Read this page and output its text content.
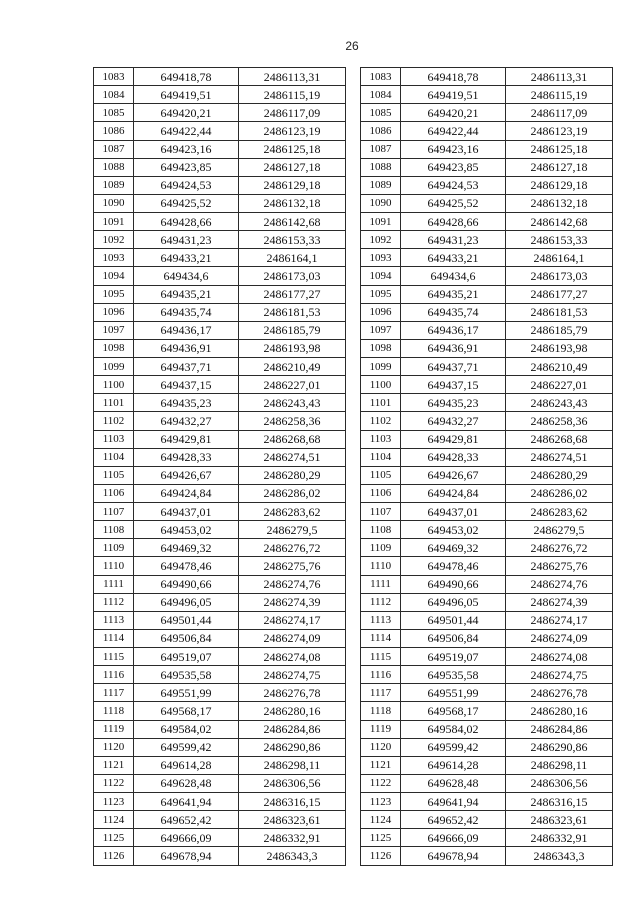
26
1083	649418,78	2486113,31
1084	649419,51	2486115,19
1085	649420,21	2486117,09
1086	649422,44	2486123,19
1087	649423,16	2486125,18
1088	649423,85	2486127,18
1089	649424,53	2486129,18
1090	649425,52	2486132,18
1091	649428,66	2486142,68
1092	649431,23	2486153,33
1093	649433,21	2486164,1
1094	649434,6	2486173,03
1095	649435,21	2486177,27
1096	649435,74	2486181,53
1097	649436,17	2486185,79
1098	649436,91	2486193,98
1099	649437,71	2486210,49
1100	649437,15	2486227,01
1101	649435,23	2486243,43
1102	649432,27	2486258,36
1103	649429,81	2486268,68
1104	649428,33	2486274,51
1105	649426,67	2486280,29
1106	649424,84	2486286,02
1107	649437,01	2486283,62
1108	649453,02	2486279,5
1109	649469,32	2486276,72
1110	649478,46	2486275,76
1111	649490,66	2486274,76
1112	649496,05	2486274,39
1113	649501,44	2486274,17
1114	649506,84	2486274,09
1115	649519,07	2486274,08
1116	649535,58	2486274,75
1117	649551,99	2486276,78
1118	649568,17	2486280,16
1119	649584,02	2486284,86
1120	649599,42	2486290,86
1121	649614,28	2486298,11
1122	649628,48	2486306,56
1123	649641,94	2486316,15
1124	649652,42	2486323,61
1125	649666,09	2486332,91
1126	649678,94	2486343,3
1083	649418,78	2486113,31
1084	649419,51	2486115,19
1085	649420,21	2486117,09
1086	649422,44	2486123,19
1087	649423,16	2486125,18
1088	649423,85	2486127,18
1089	649424,53	2486129,18
1090	649425,52	2486132,18
1091	649428,66	2486142,68
1092	649431,23	2486153,33
1093	649433,21	2486164,1
1094	649434,6	2486173,03
1095	649435,21	2486177,27
1096	649435,74	2486181,53
1097	649436,17	2486185,79
1098	649436,91	2486193,98
1099	649437,71	2486210,49
1100	649437,15	2486227,01
1101	649435,23	2486243,43
1102	649432,27	2486258,36
1103	649429,81	2486268,68
1104	649428,33	2486274,51
1105	649426,67	2486280,29
1106	649424,84	2486286,02
1107	649437,01	2486283,62
1108	649453,02	2486279,5
1109	649469,32	2486276,72
1110	649478,46	2486275,76
1111	649490,66	2486274,76
1112	649496,05	2486274,39
1113	649501,44	2486274,17
1114	649506,84	2486274,09
1115	649519,07	2486274,08
1116	649535,58	2486274,75
1117	649551,99	2486276,78
1118	649568,17	2486280,16
1119	649584,02	2486284,86
1120	649599,42	2486290,86
1121	649614,28	2486298,11
1122	649628,48	2486306,56
1123	649641,94	2486316,15
1124	649652,42	2486323,61
1125	649666,09	2486332,91
1126	649678,94	2486343,3
